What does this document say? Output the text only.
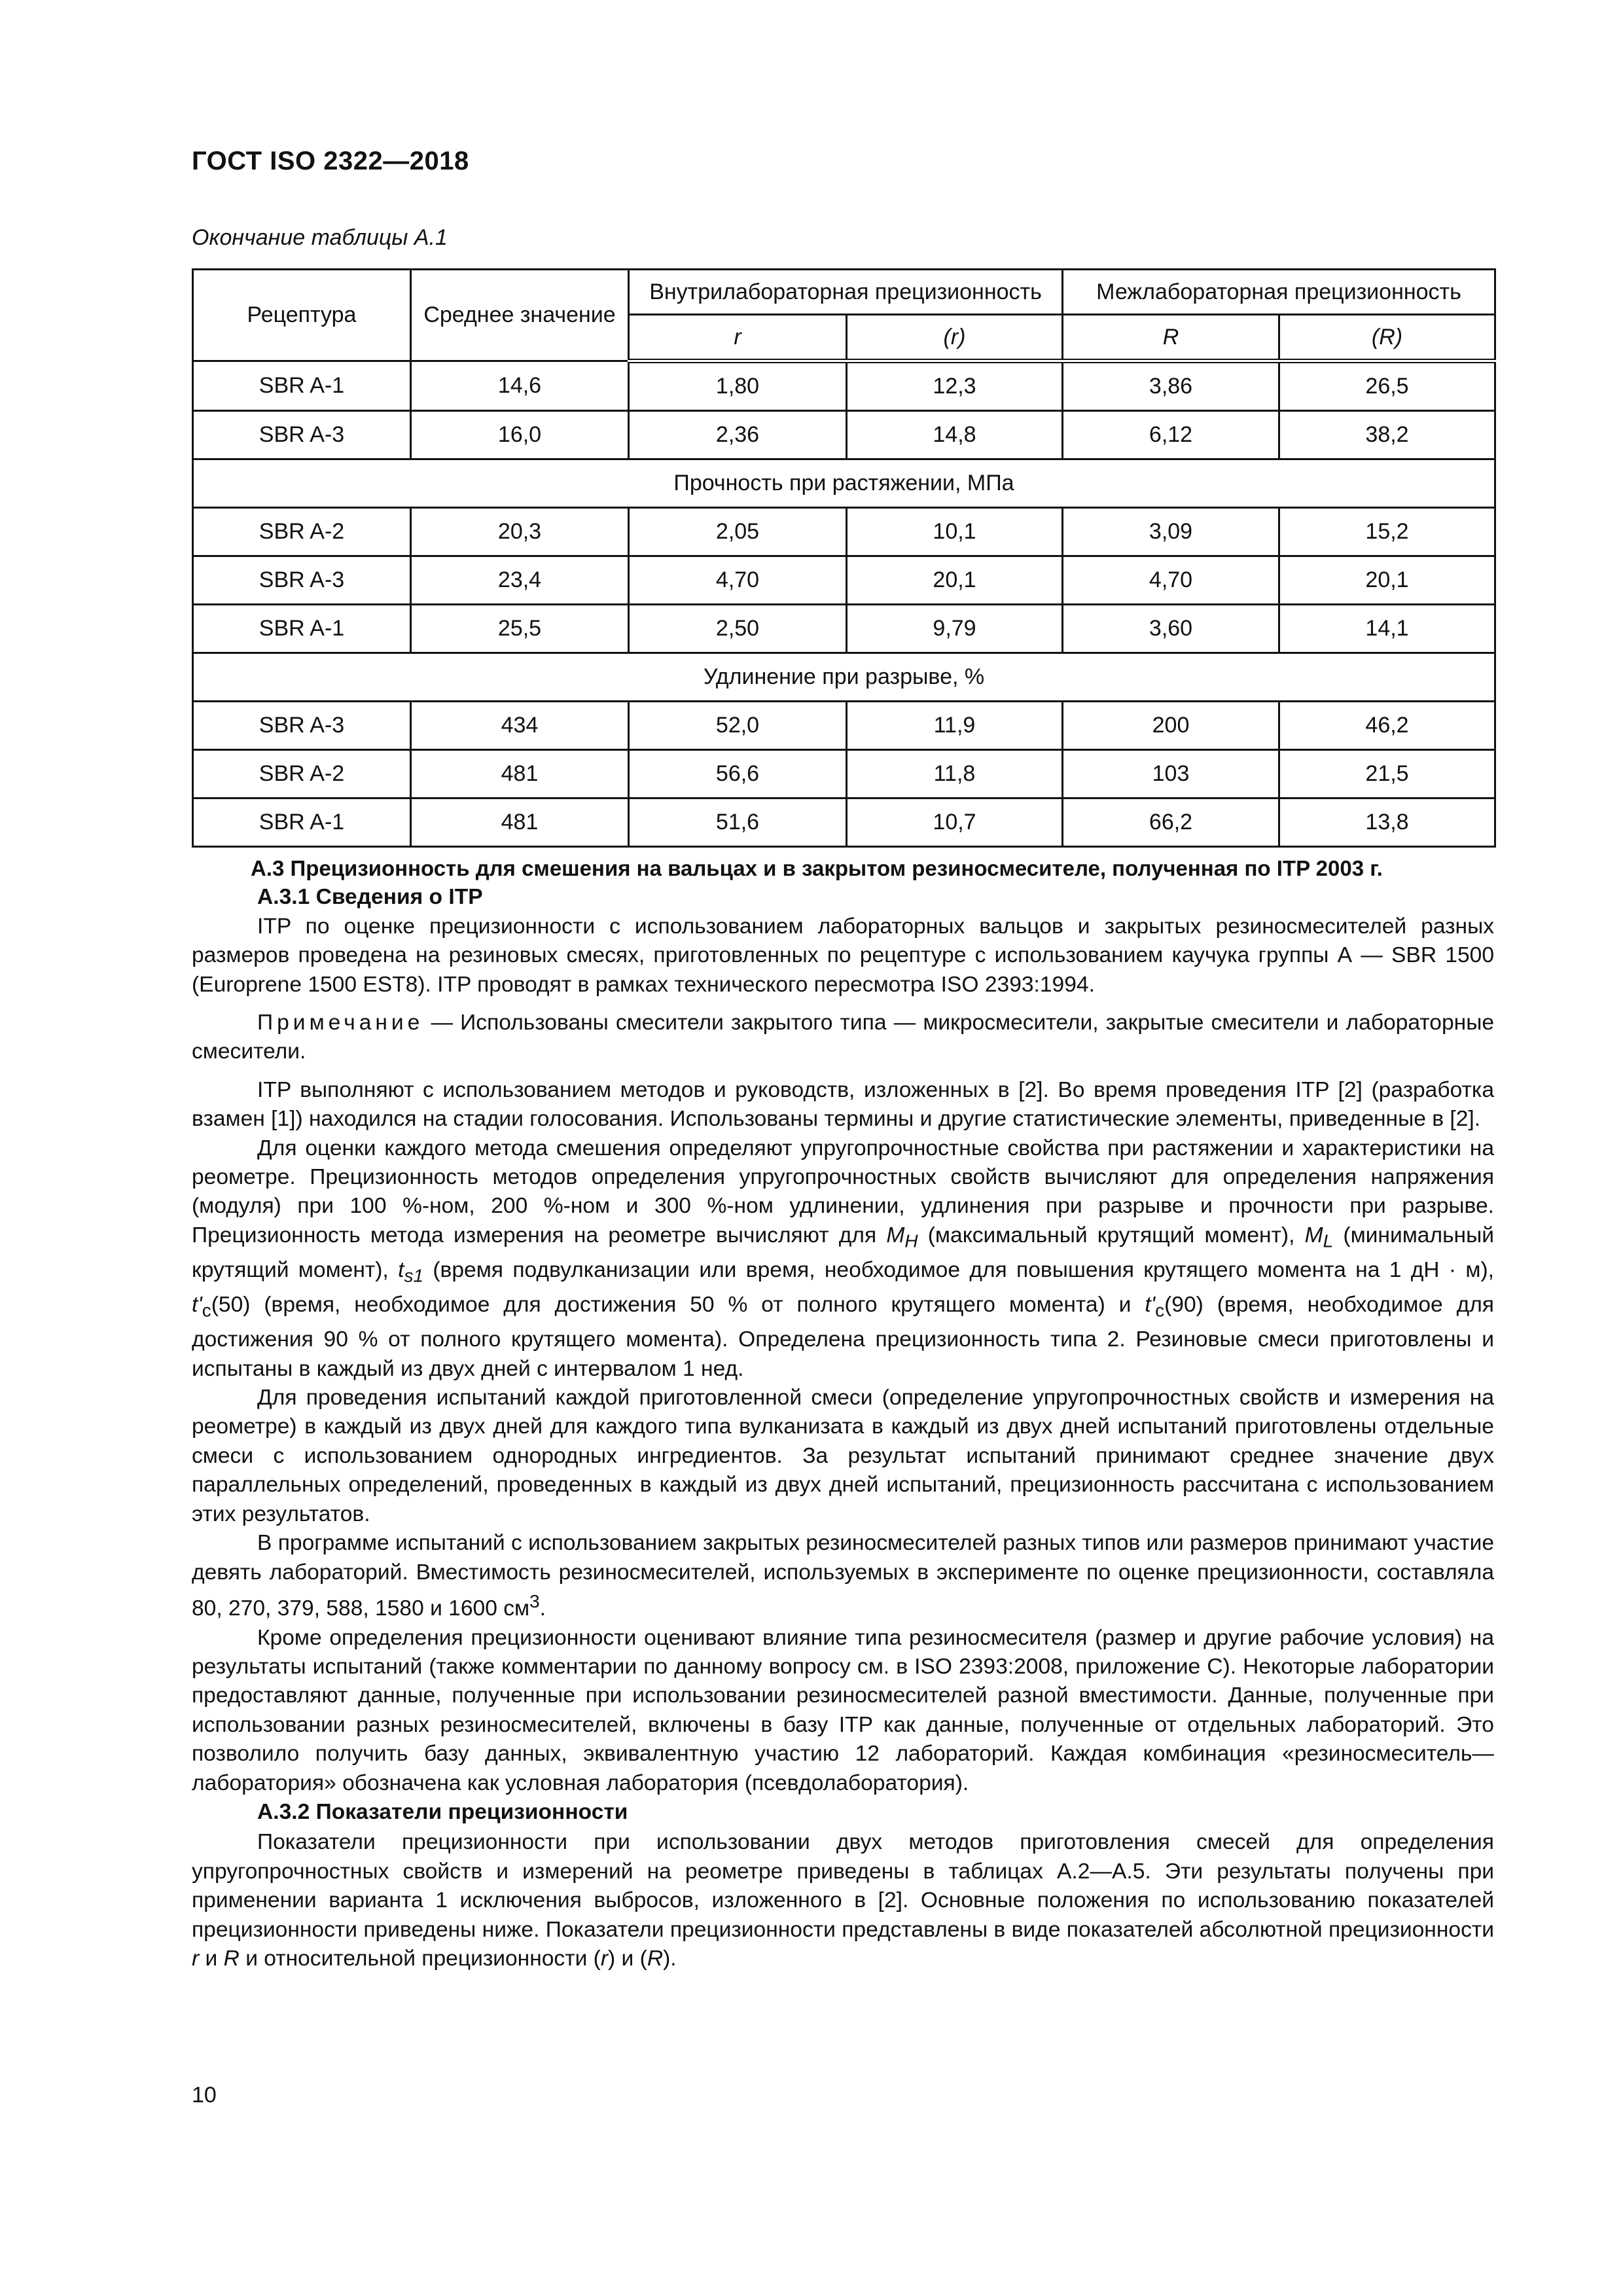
ГОСТ ISO 2322—2018
Окончание таблицы А.1
Рецептура	Среднее значение	Внутрилабораторная прецизионность		Межлабораторная прецизионность	
		r	(r)	R	(R)
SBR A-1	14,6	1,80	12,3	3,86	26,5
SBR A-3	16,0	2,36	14,8	6,12	38,2
Прочность при растяжении, МПа					
SBR A-2	20,3	2,05	10,1	3,09	15,2
SBR A-3	23,4	4,70	20,1	4,70	20,1
SBR A-1	25,5	2,50	9,79	3,60	14,1
Удлинение при разрыве, %					
SBR A-3	434	52,0	11,9	200	46,2
SBR A-2	481	56,6	11,8	103	21,5
SBR A-1	481	51,6	10,7	66,2	13,8

А.3 Прецизионность для смешения на вальцах и в закрытом резиносмесителе, полученная по ITP 2003 г.

А.3.1 Сведения о ITP

ITP по оценке прецизионности с использованием лабораторных вальцов и закрытых резиносмесителей разных размеров проведена на резиновых смесях, приготовленных по рецептуре с использованием каучука группы А — SBR 1500 (Europrene 1500 EST8). ITP проводят в рамках технического пересмотра ISO 2393:1994.

Примечание — Использованы смесители закрытого типа — микросмесители, закрытые смесители и лабораторные смесители.

ITP выполняют с использованием методов и руководств, изложенных в [2]. Во время проведения ITP [2] (разработка взамен [1]) находился на стадии голосования. Использованы термины и другие статистические элементы, приведенные в [2].

Для оценки каждого метода смешения определяют упругопрочностные свойства при растяжении и характеристики на реометре. Прецизионность методов определения упругопрочностных свойств вычисляют для определения напряжения (модуля) при 100 %-ном, 200 %-ном и 300 %-ном удлинении, удлинения при разрыве и прочности при разрыве. Прецизионность метода измерения на реометре вычисляют для $M_H$ (максимальный крутящий момент), $M_L$ (минимальный крутящий момент), $t_{s1}$ (время подвулканизации или время, необходимое для повышения крутящего момента на 1 дН · м), $t'_c(50)$ (время, необходимое для достижения 50 % от полного крутящего момента) и $t'_c(90)$ (время, необходимое для достижения 90 % от полного крутящего момента). Определена прецизионность типа 2. Резиновые смеси приготовлены и испытаны в каждый из двух дней с интервалом 1 нед.

Для проведения испытаний каждой приготовленной смеси (определение упругопрочностных свойств и измерения на реометре) в каждый из двух дней для каждого типа вулканизата в каждый из двух дней испытаний приготовлены отдельные смеси с использованием однородных ингредиентов. За результат испытаний принимают среднее значение двух параллельных определений, проведенных в каждый из двух дней испытаний, прецизионность рассчитана с использованием этих результатов.

В программе испытаний с использованием закрытых резиносмесителей разных типов или размеров принимают участие девять лабораторий. Вместимость резиносмесителей, используемых в эксперименте по оценке прецизионности, составляла 80, 270, 379, 588, 1580 и 1600 $см^3$.

Кроме определения прецизионности оценивают влияние типа резиносмесителя (размер и другие рабочие условия) на результаты испытаний (также комментарии по данному вопросу см. в ISO 2393:2008, приложение C). Некоторые лаборатории предоставляют данные, полученные при использовании резиносмесителей разной вместимости. Данные, полученные при использовании разных резиносмесителей, включены в базу ITP как данные, полученные от отдельных лабораторий. Это позволило получить базу данных, эквивалентную участию 12 лабораторий. Каждая комбинация «резиносмеситель—лаборатория» обозначена как условная лаборатория (псевдолаборатория).

А.3.2 Показатели прецизионности

Показатели прецизионности при использовании двух методов приготовления смесей для определения упругопрочностных свойств и измерений на реометре приведены в таблицах А.2—А.5. Эти результаты получены при применении варианта 1 исключения выбросов, изложенного в [2]. Основные положения по использованию показателей прецизионности приведены ниже. Показатели прецизионности представлены в виде показателей абсолютной прецизионности r и R и относительной прецизионности (r) и (R).

10
